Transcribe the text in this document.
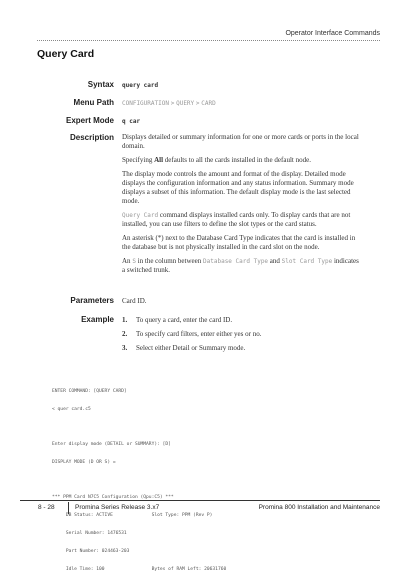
Operator Interface Commands
Query Card
Syntax query card
Menu Path CONFIGURATION > QUERY > CARD
Expert Mode q car
Description Displays detailed or summary information for one or more cards or ports in the local domain.

Specifying All defaults to all the cards installed in the default node.

The display mode controls the amount and format of the display. Detailed mode displays the configuration information and any status information. Summary mode displays a subset of this information. The default display mode is the last selected mode.

Query Card command displays installed cards only. To display cards that are not installed, you can use filters to define the slot types or the card status.

An asterisk (*) next to the Database Card Type indicates that the card is installed in the database but is not physically installed in the card slot on the node.

An S in the column between Database Card Type and Slot Card Type indicates a switched trunk.

Parameters Card ID.
Example 1.	To query a card, enter the card ID.
2.	To specify card filters, enter either yes or no.
3.	Select either Detail or Summary mode.

ENTER COMMAND: [QUERY CARD]

< quer card.c5

Enter display mode (DETAIL or SUMMARY): [D]

DISPLAY MODE (D OR S) =

*** PPM Card N7C5 Configuration (Qpu:C5) ***

DB Status: ACTIVE              Slot Type: PPM (Rev P)

Serial Number: 1476531

Part Number: 024463-203

Idle Time: 100                 Bytes of RAM Left: 20631760

8 - 28	Promina Series Release 3.x7	Promina 800 Installation and Maintenance
